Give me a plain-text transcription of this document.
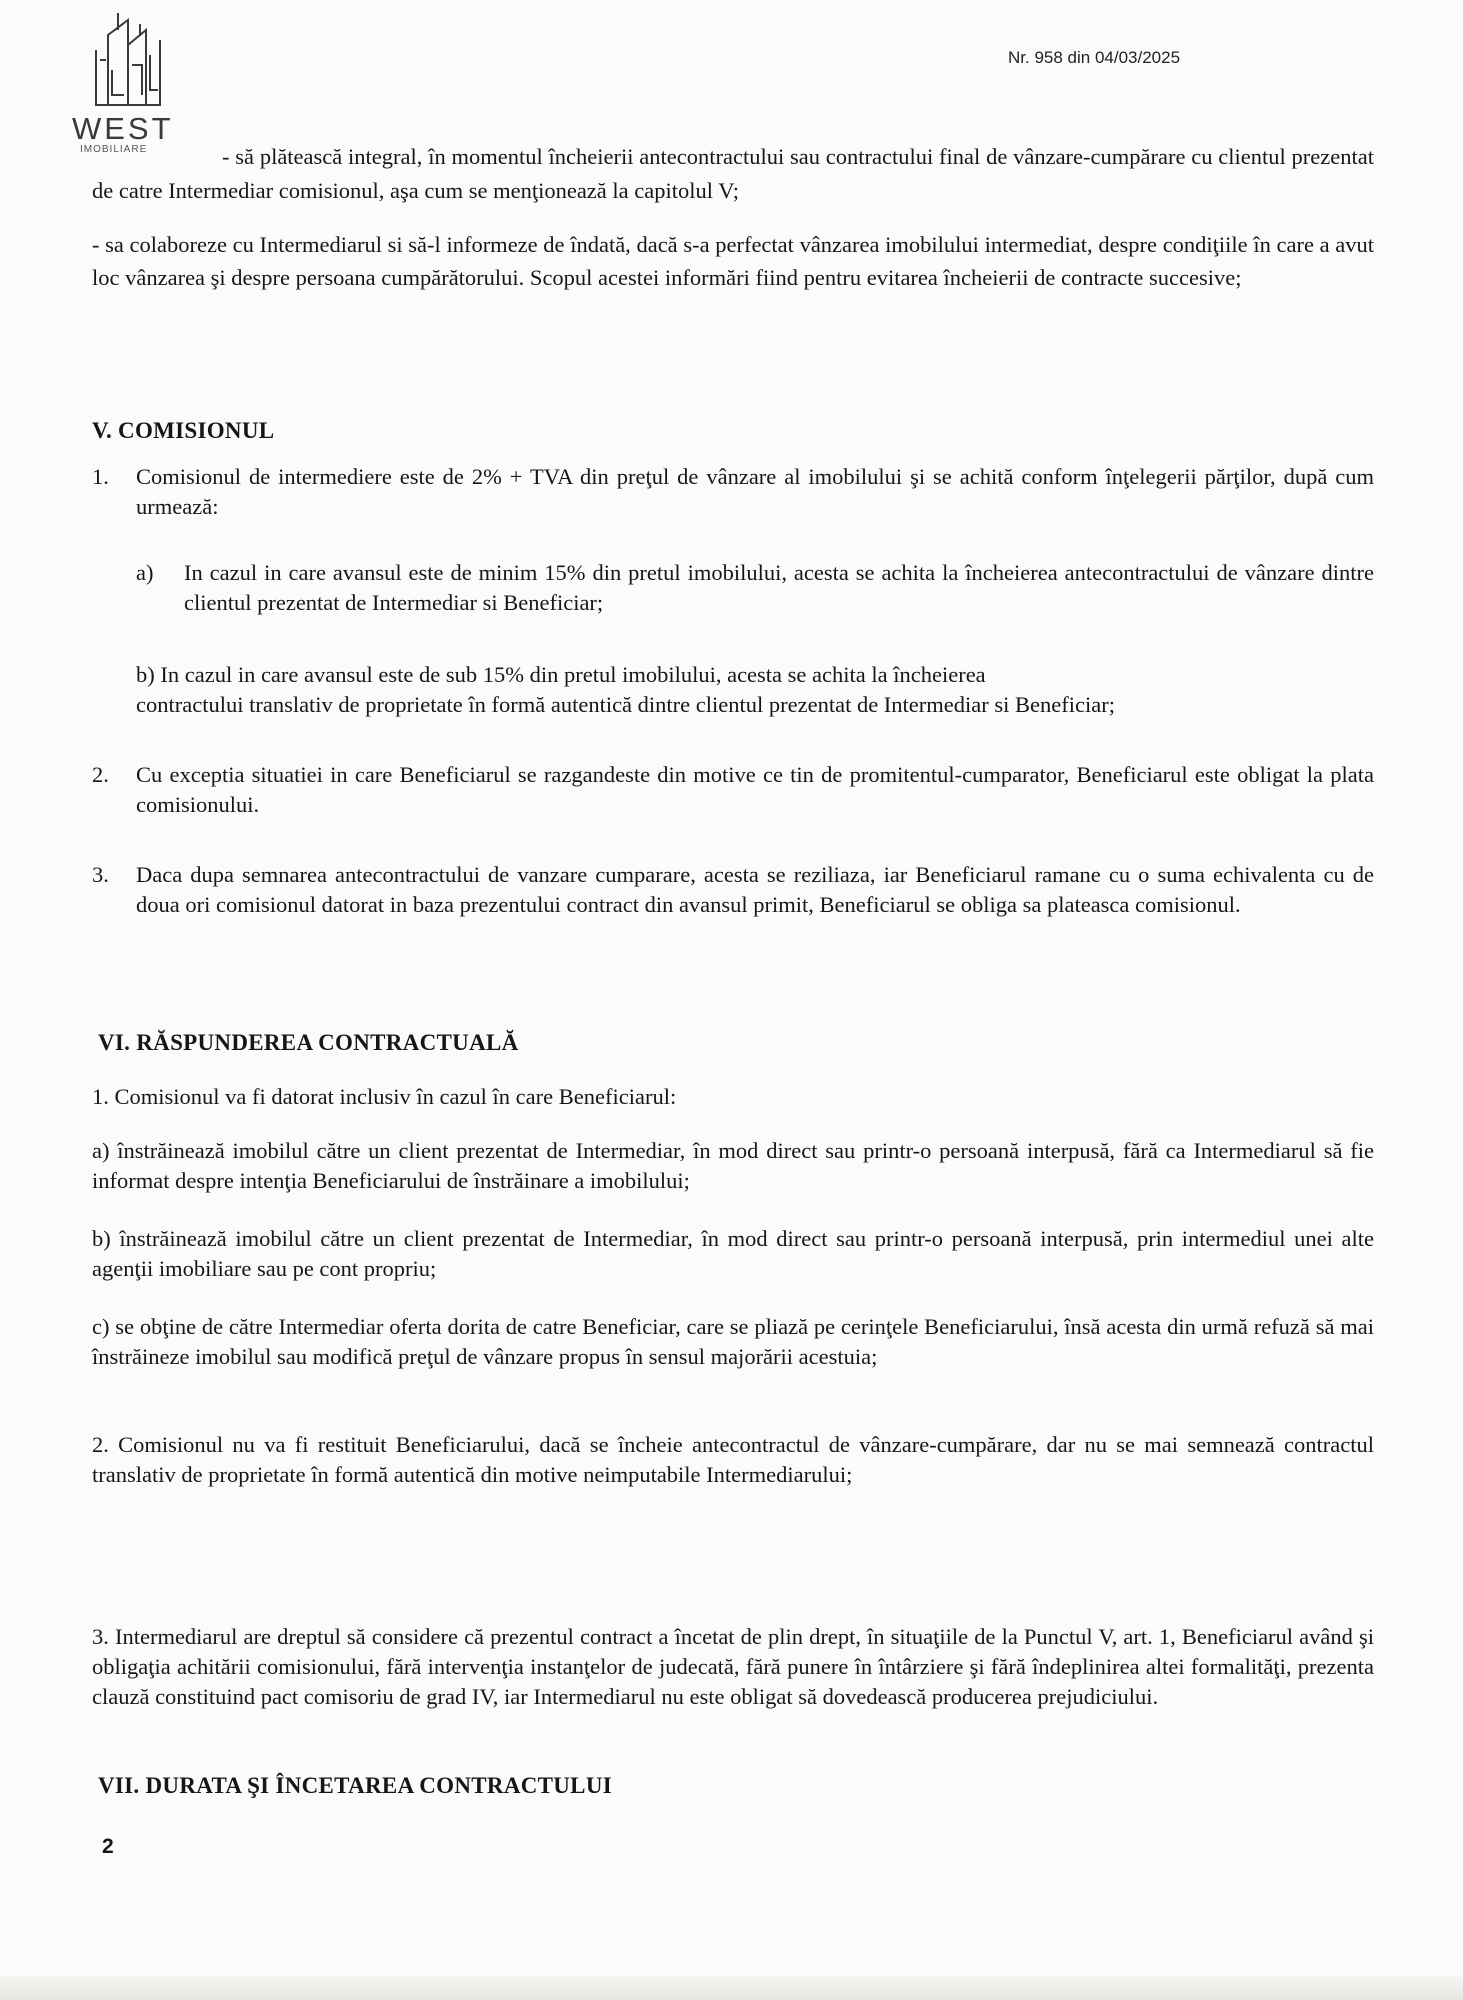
WEST
IMOBILIARE
Nr. 958 din 04/03/2025
- să plătească integral, în momentul încheierii antecontractului sau contractului final de vânzare-cumpărare cu clientul prezentat de catre Intermediar comisionul, aşa cum se menţionează la capitolul V;
- sa colaboreze cu Intermediarul si să-l informeze de îndată, dacă s-a perfectat vânzarea imobilului intermediat, despre condiţiile în care a avut loc vânzarea şi despre persoana cumpărătorului. Scopul acestei informări fiind pentru evitarea încheierii de contracte succesive;
V. COMISIONUL
1. Comisionul de intermediere este de 2% + TVA din preţul de vânzare al imobilului şi se achită conform înţelegerii părţilor, după cum urmează:
a) In cazul in care avansul este de minim 15% din pretul imobilului, acesta se achita la încheierea antecontractului de vânzare dintre clientul prezentat de Intermediar si Beneficiar;
b) In cazul in care avansul este de sub 15% din pretul imobilului, acesta se achita la încheierea
contractului translativ de proprietate în formă autentică dintre clientul prezentat de Intermediar si Beneficiar;
2. Cu exceptia situatiei in care Beneficiarul se razgandeste din motive ce tin de promitentul-cumparator, Beneficiarul este obligat la plata comisionului.
3. Daca dupa semnarea antecontractului de vanzare cumparare, acesta se reziliaza, iar Beneficiarul ramane cu o suma echivalenta cu de doua ori comisionul datorat in baza prezentului contract din avansul primit, Beneficiarul se obliga sa plateasca comisionul.
VI. RĂSPUNDEREA CONTRACTUALĂ
1. Comisionul va fi datorat inclusiv în cazul în care Beneficiarul:
a) înstrăinează imobilul către un client prezentat de Intermediar, în mod direct sau printr-o persoană interpusă, fără ca Intermediarul să fie informat despre intenţia Beneficiarului de înstrăinare a imobilului;
b) înstrăinează imobilul către un client prezentat de Intermediar, în mod direct sau printr-o persoană interpusă, prin intermediul unei alte agenţii imobiliare sau pe cont propriu;
c) se obţine de către Intermediar oferta dorita de catre Beneficiar, care se pliază pe cerinţele Beneficiarului, însă acesta din urmă refuză să mai înstrăineze imobilul sau modifică preţul de vânzare propus în sensul majorării acestuia;
2. Comisionul nu va fi restituit Beneficiarului, dacă se încheie antecontractul de vânzare-cumpărare, dar nu se mai semnează contractul translativ de proprietate în formă autentică din motive neimputabile Intermediarului;
3. Intermediarul are dreptul să considere că prezentul contract a încetat de plin drept, în situaţiile de la Punctul V, art. 1, Beneficiarul având şi obligaţia achitării comisionului, fără intervenţia instanţelor de judecată, fără punere în întârziere şi fără îndeplinirea altei formalităţi, prezenta clauză constituind pact comisoriu de grad IV, iar Intermediarul nu este obligat să dovedească producerea prejudiciului.
VII. DURATA ŞI ÎNCETAREA CONTRACTULUI
2
